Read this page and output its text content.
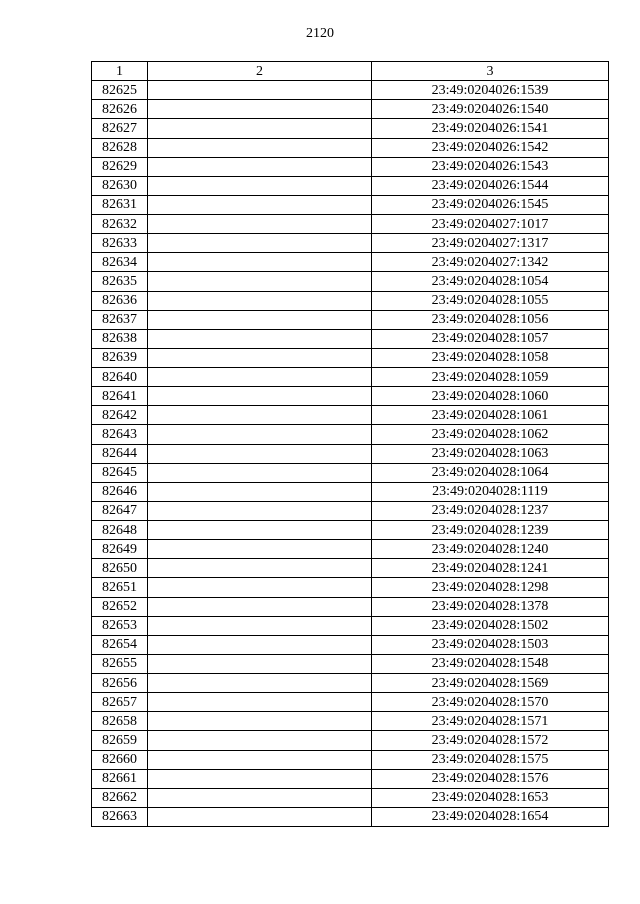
2120
1	2	3
82625		23:49:0204026:1539
82626		23:49:0204026:1540
82627		23:49:0204026:1541
82628		23:49:0204026:1542
82629		23:49:0204026:1543
82630		23:49:0204026:1544
82631		23:49:0204026:1545
82632		23:49:0204027:1017
82633		23:49:0204027:1317
82634		23:49:0204027:1342
82635		23:49:0204028:1054
82636		23:49:0204028:1055
82637		23:49:0204028:1056
82638		23:49:0204028:1057
82639		23:49:0204028:1058
82640		23:49:0204028:1059
82641		23:49:0204028:1060
82642		23:49:0204028:1061
82643		23:49:0204028:1062
82644		23:49:0204028:1063
82645		23:49:0204028:1064
82646		23:49:0204028:1119
82647		23:49:0204028:1237
82648		23:49:0204028:1239
82649		23:49:0204028:1240
82650		23:49:0204028:1241
82651		23:49:0204028:1298
82652		23:49:0204028:1378
82653		23:49:0204028:1502
82654		23:49:0204028:1503
82655		23:49:0204028:1548
82656		23:49:0204028:1569
82657		23:49:0204028:1570
82658		23:49:0204028:1571
82659		23:49:0204028:1572
82660		23:49:0204028:1575
82661		23:49:0204028:1576
82662		23:49:0204028:1653
82663		23:49:0204028:1654
